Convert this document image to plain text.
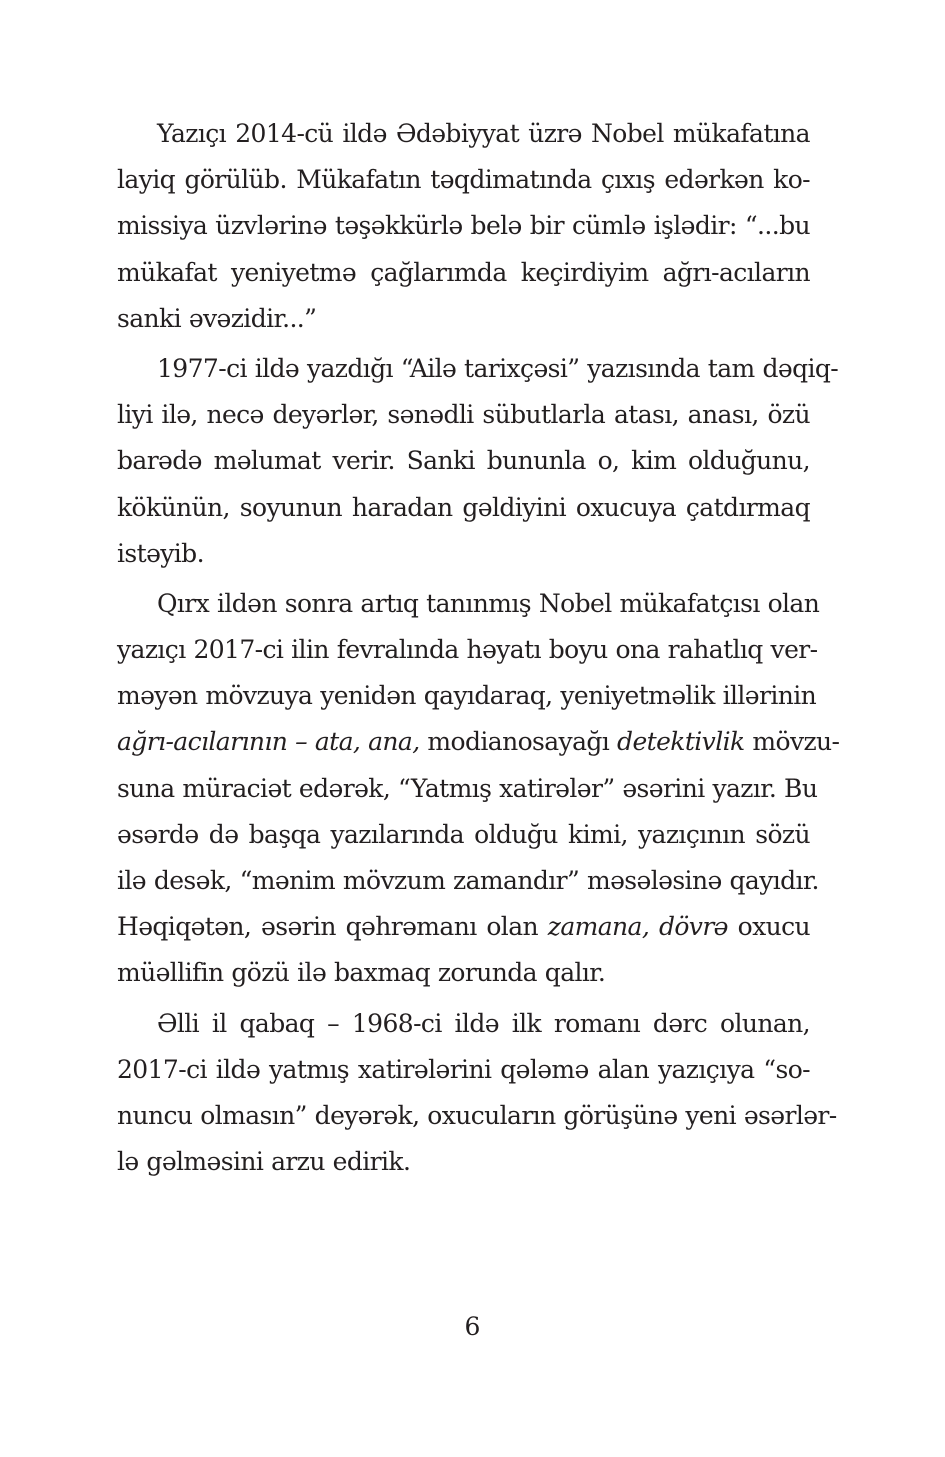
Yazıçı 2014-cü ildə Ədəbiyyat üzrə Nobel mükafatına
layiq görülüb. Mükafatın təqdimatında çıxış edərkən ko-
missiya üzvlərinə təşəkkürlə belə bir cümlə işlədir: “...bu
mükafat yeniyetmə çağlarımda keçirdiyim ağrı-acıların
sanki əvəzidir...”
1977-ci ildə yazdığı “Ailə tarixçəsi” yazısında tam dəqiq-
liyi ilə, necə deyərlər, sənədli sübutlarla atası, anası, özü
barədə məlumat verir. Sanki bununla o, kim olduğunu,
kökünün, soyunun haradan gəldiyini oxucuya çatdırmaq
istəyib.
Qırx ildən sonra artıq tanınmış Nobel mükafatçısı olan
yazıçı 2017-ci ilin fevralında həyatı boyu ona rahatlıq ver-
məyən mövzuya yenidən qayıdaraq, yeniyetməlik illərinin
ağrı-acılarının – ata, ana, modianosayağı detektivlik mövzu-
suna müraciət edərək, “Yatmış xatirələr” əsərini yazır. Bu
əsərdə də başqa yazılarında olduğu kimi, yazıçının sözü
ilə desək, “mənim mövzum zamandır” məsələsinə qayıdır.
Həqiqətən, əsərin qəhrəmanı olan zamana, dövrə oxucu
müəllifin gözü ilə baxmaq zorunda qalır.
Əlli il qabaq – 1968-ci ildə ilk romanı dərc olunan,
2017-ci ildə yatmış xatirələrini qələmə alan yazıçıya “so-
nuncu olmasın” deyərək, oxucuların görüşünə yeni əsərlər-
lə gəlməsini arzu edirik.
6
